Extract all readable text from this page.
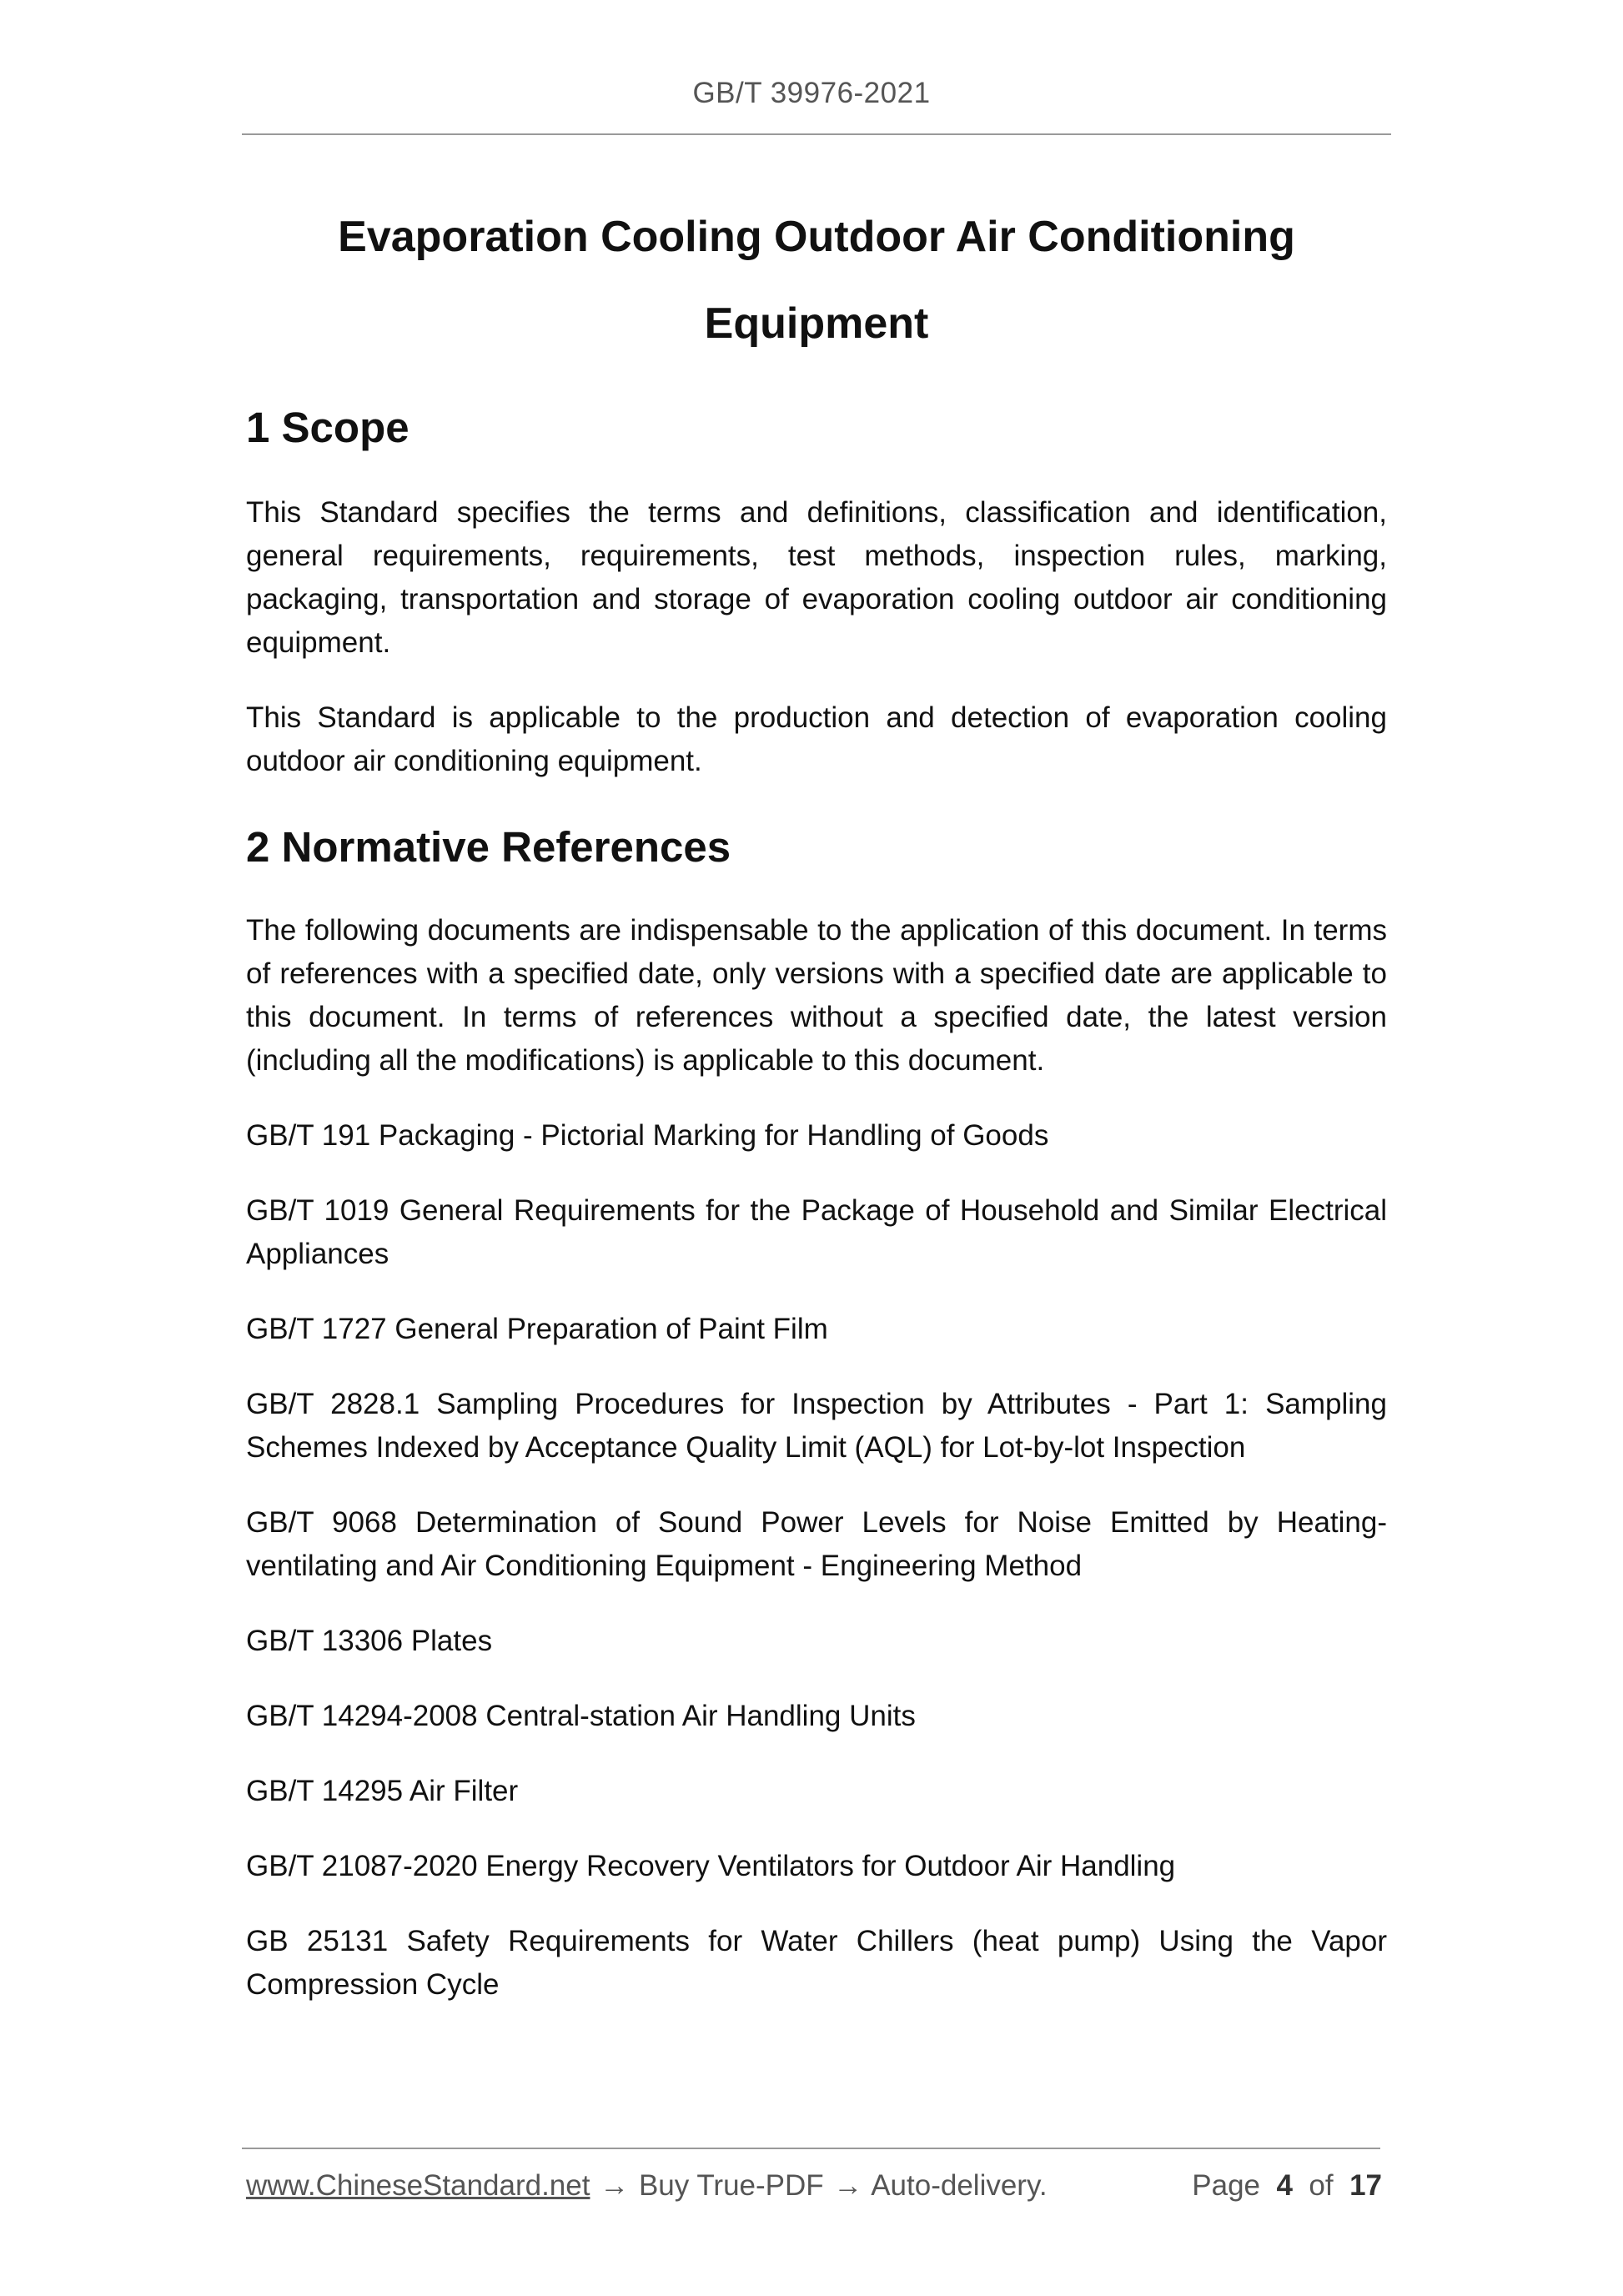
GB/T 39976-2021
Evaporation Cooling Outdoor Air Conditioning
Equipment
1 Scope

This Standard specifies the terms and definitions, classification and identification, general requirements, requirements, test methods, inspection rules, marking, packaging, transportation and storage of evaporation cooling outdoor air conditioning equipment.

This Standard is applicable to the production and detection of evaporation cooling outdoor air conditioning equipment.

2 Normative References

The following documents are indispensable to the application of this document. In terms of references with a specified date, only versions with a specified date are applicable to this document. In terms of references without a specified date, the latest version (including all the modifications) is applicable to this document.

GB/T 191 Packaging - Pictorial Marking for Handling of Goods

GB/T 1019 General Requirements for the Package of Household and Similar Electrical Appliances

GB/T 1727 General Preparation of Paint Film

GB/T 2828.1 Sampling Procedures for Inspection by Attributes - Part 1: Sampling Schemes Indexed by Acceptance Quality Limit (AQL) for Lot-by-lot Inspection

GB/T 9068 Determination of Sound Power Levels for Noise Emitted by Heating-ventilating and Air Conditioning Equipment - Engineering Method

GB/T 13306 Plates

GB/T 14294-2008 Central-station Air Handling Units

GB/T 14295 Air Filter

GB/T 21087-2020 Energy Recovery Ventilators for Outdoor Air Handling

GB 25131 Safety Requirements for Water Chillers (heat pump) Using the Vapor Compression Cycle

www.ChineseStandard.net → Buy True-PDF → Auto-delivery.	Page 4 of 17
